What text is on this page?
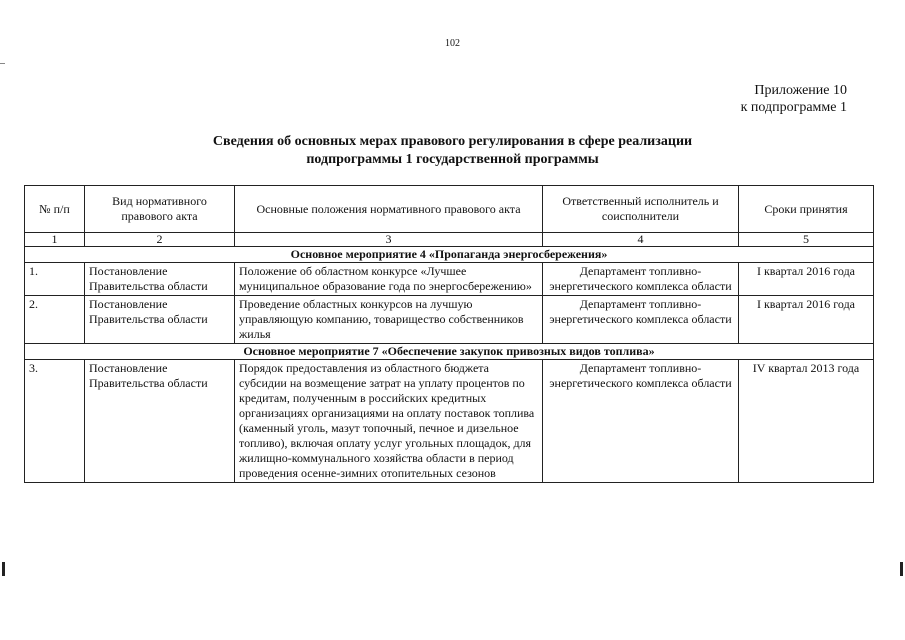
102
Приложение 10
к подпрограмме 1
Сведения об основных мерах правового регулирования в сфере реализации
подпрограммы 1 государственной программы
№ п/п	Вид нормативного правового акта	Основные положения нормативного правового акта	Ответственный исполнитель и соисполнители	Сроки принятия
1	2	3	4	5
Основное мероприятие 4 «Пропаганда энергосбережения»				
1.	Постановление Правительства области	Положение об областном конкурсе «Лучшее муниципальное образование года по энергосбережению»	Департамент топливно-энергетического комплекса области	I квартал 2016 года
2.	Постановление Правительства области	Проведение областных конкурсов на лучшую управляющую компанию, товарищество собственников жилья	Департамент топливно-энергетического комплекса области	I квартал 2016 года
Основное мероприятие 7 «Обеспечение закупок привозных видов топлива»				
3.	Постановление Правительства области	Порядок предоставления из областного бюджета субсидии на возмещение затрат на уплату процентов по кредитам, полученным в российских кредитных организациях организациями на оплату поставок топлива (каменный уголь, мазут топочный, печное и дизельное топливо), включая оплату услуг угольных площадок, для жилищно-коммунального хозяйства области в период проведения осенне-зимних отопительных сезонов	Департамент топливно-энергетического комплекса области	IV квартал 2013 года
